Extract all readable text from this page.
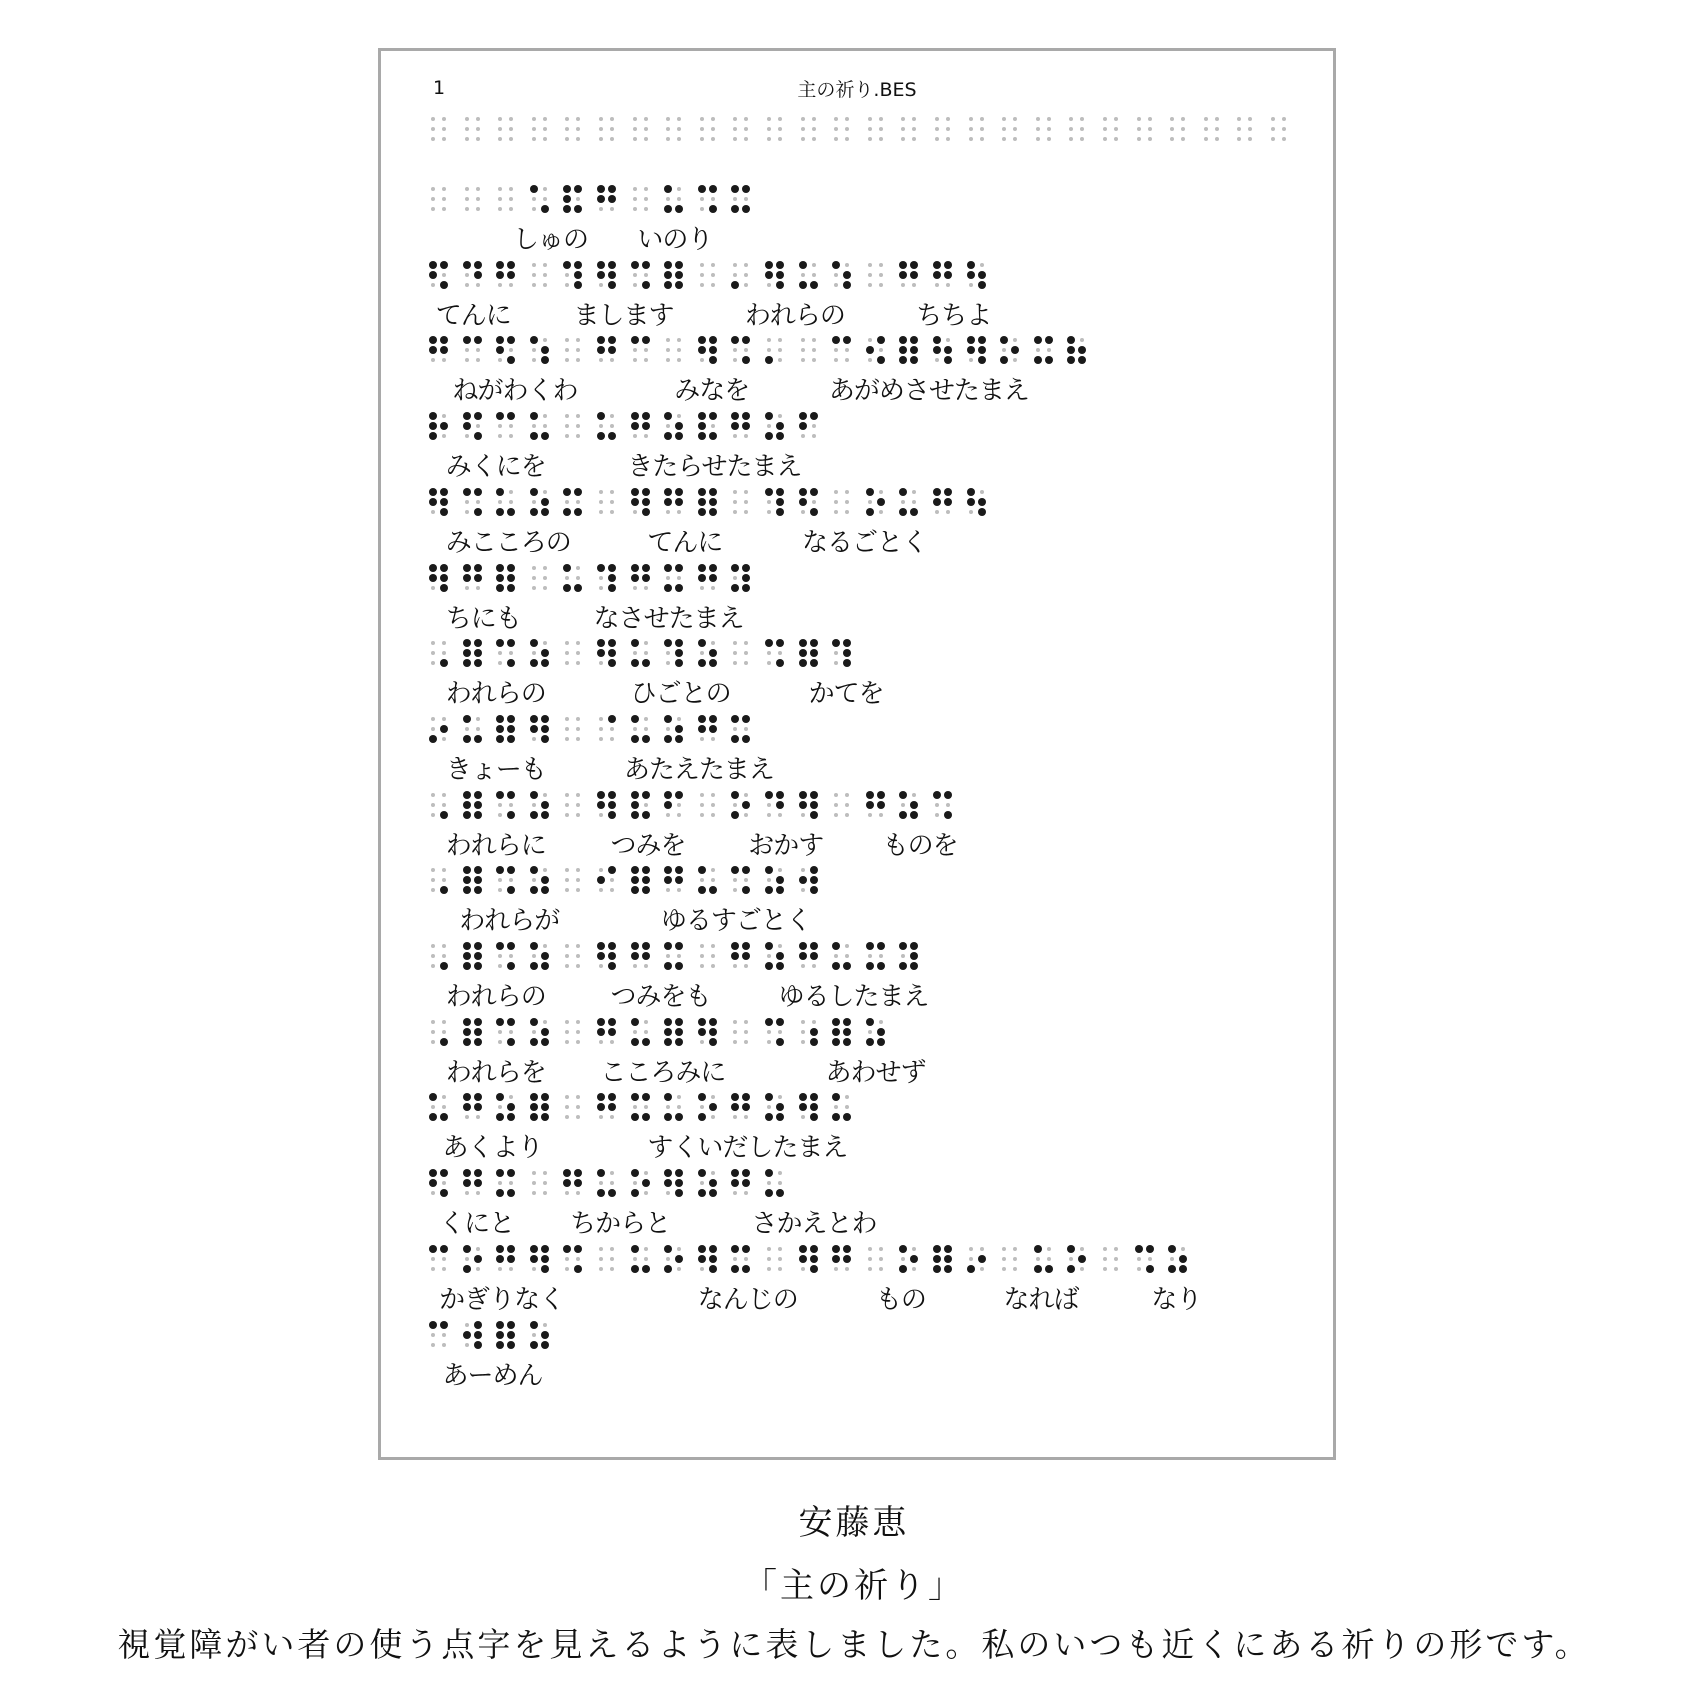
1	主の祈り.BES
しゅの いのり
てんに まします	われらの	ちちよ
ねがわくわ	みなを	あがめさせたまえ
みくにを	きたらせたまえ
みこころの	てんに	なるごとく
ちにも	なさせたまえ
われらの	ひごとの	かてを
きょーも	あたえたまえ
われらに つみを おかす ものを
われらが	ゆるすごとく
われらの つみをも	ゆるしたまえ
われらを こころみに	あわせず
あくより	すくいだしたまえ
くにと ちからと	さかえとわ
かぎりなく	なんじの	もの	なれば	なり
あーめん
安藤恵
「主の祈り」
視覚障がい者の使う点字を見えるように表しました。私のいつも近くにある祈りの形です。
